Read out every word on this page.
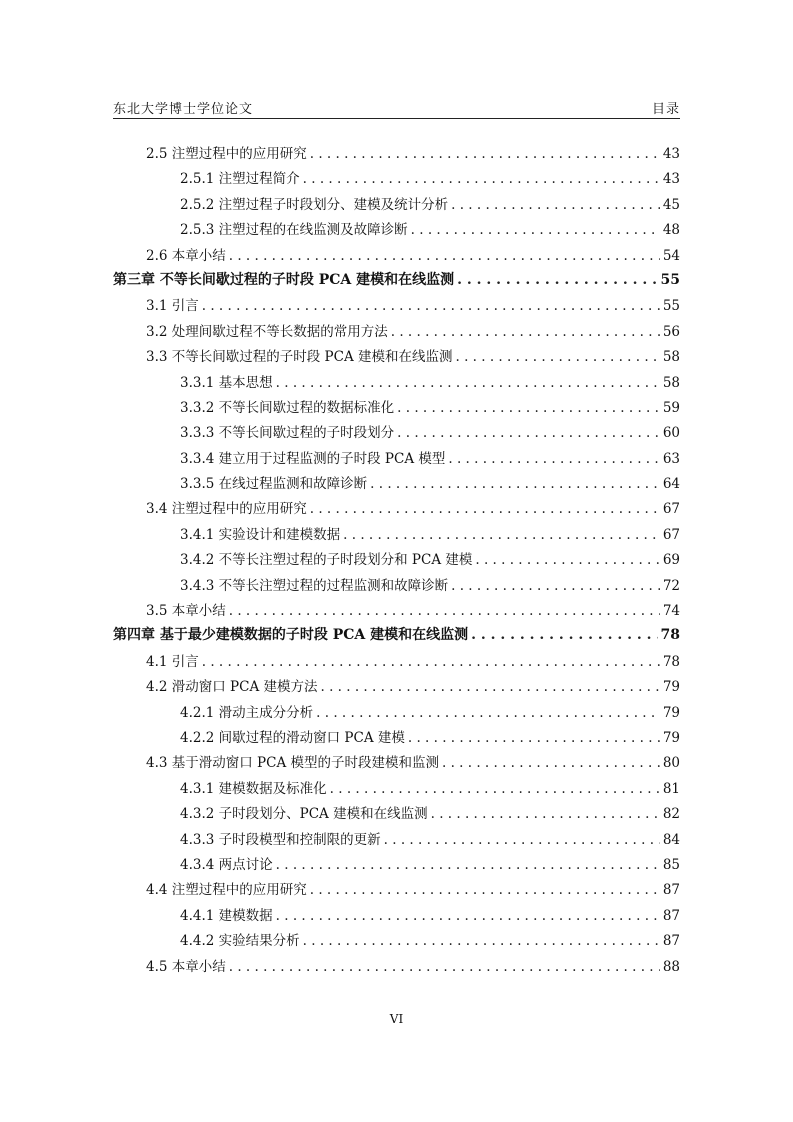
东北大学博士学位论文	目录
2.5 注塑过程中的应用研究 . . .	43
2.5.1 注塑过程简介 . . .	43
2.5.2 注塑过程子时段划分、建模及统计分析 . . .	45
2.5.3 注塑过程的在线监测及故障诊断 . . .	48
2.6 本章小结 . . .	54
第三章 不等长间歇过程的子时段 PCA 建模和在线监测 . . .	55
3.1 引言 . . .	55
3.2 处理间歇过程不等长数据的常用方法 . . .	56
3.3 不等长间歇过程的子时段 PCA 建模和在线监测 . . .	58
3.3.1 基本思想 . . .	58
3.3.2 不等长间歇过程的数据标准化 . . .	59
3.3.3 不等长间歇过程的子时段划分 . . .	60
3.3.4 建立用于过程监测的子时段 PCA 模型 . . .	63
3.3.5 在线过程监测和故障诊断 . . .	64
3.4 注塑过程中的应用研究 . . .	67
3.4.1 实验设计和建模数据 . . .	67
3.4.2 不等长注塑过程的子时段划分和 PCA 建模 . . .	69
3.4.3 不等长注塑过程的过程监测和故障诊断 . . .	72
3.5 本章小结 . . .	74
第四章 基于最少建模数据的子时段 PCA 建模和在线监测 . . .	78
4.1 引言 . . .	78
4.2 滑动窗口 PCA 建模方法 . . .	79
4.2.1 滑动主成分分析 . . .	79
4.2.2 间歇过程的滑动窗口 PCA 建模 . . .	79
4.3 基于滑动窗口 PCA 模型的子时段建模和监测 . . .	80
4.3.1 建模数据及标准化 . . .	81
4.3.2 子时段划分、PCA 建模和在线监测 . . .	82
4.3.3 子时段模型和控制限的更新 . . .	84
4.3.4 两点讨论 . . .	85
4.4 注塑过程中的应用研究 . . .	87
4.4.1 建模数据 . . .	87
4.4.2 实验结果分析 . . .	87
4.5 本章小结 . . .	88
VI
